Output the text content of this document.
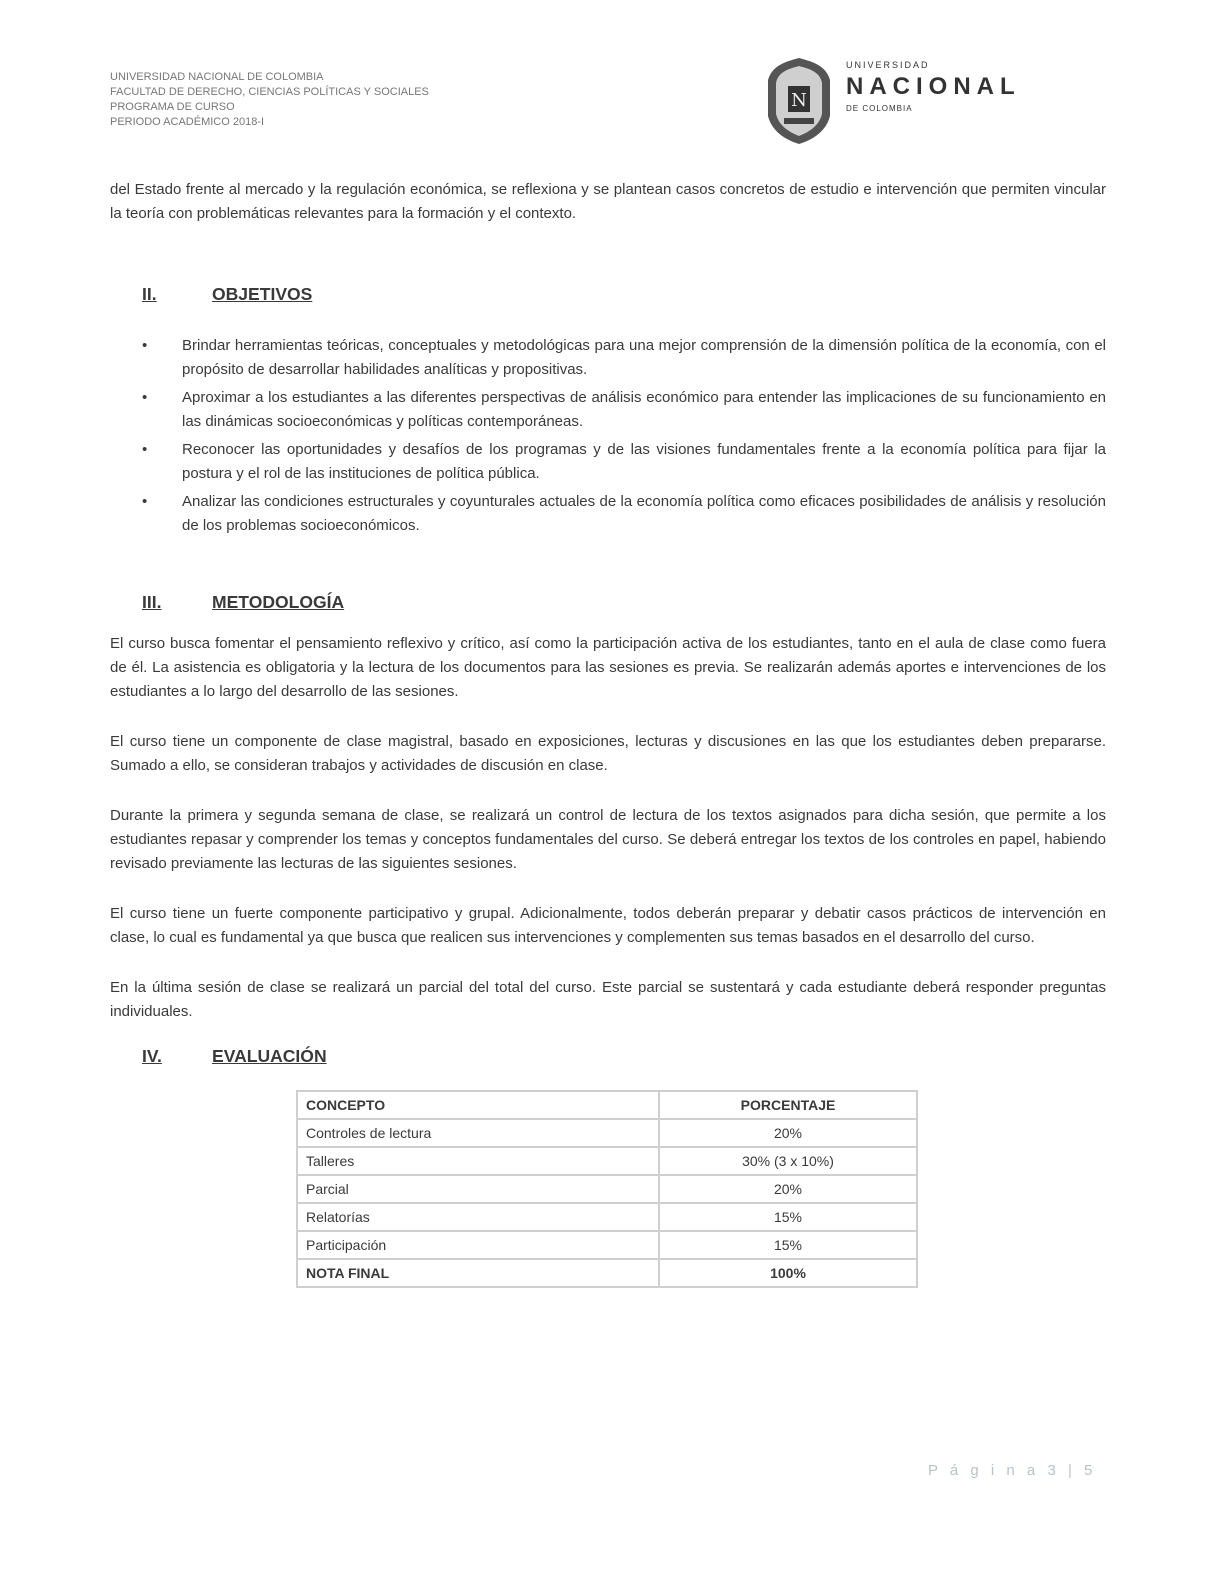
UNIVERSIDAD NACIONAL DE COLOMBIA
FACULTAD DE DERECHO, CIENCIAS POLÍTICAS Y SOCIALES
PROGRAMA DE CURSO
PERIODO ACADÉMICO 2018-I
N
UNIVERSIDAD
NACIONAL
DE COLOMBIA

del Estado frente al mercado y la regulación económica, se reflexiona y se plantean casos concretos de estudio e intervención que permiten vincular la teoría con problemáticas relevantes para la formación y el contexto.

II.	OBJETIVOS
• Brindar herramientas teóricas, conceptuales y metodológicas para una mejor comprensión de la dimensión política de la economía, con el propósito de desarrollar habilidades analíticas y propositivas.
• Aproximar a los estudiantes a las diferentes perspectivas de análisis económico para entender las implicaciones de su funcionamiento en las dinámicas socioeconómicas y políticas contemporáneas.
• Reconocer las oportunidades y desafíos de los programas y de las visiones fundamentales frente a la economía política para fijar la postura y el rol de las instituciones de política pública.
• Analizar las condiciones estructurales y coyunturales actuales de la economía política como eficaces posibilidades de análisis y resolución de los problemas socioeconómicos.
III.	METODOLOGÍA

El curso busca fomentar el pensamiento reflexivo y crítico, así como la participación activa de los estudiantes, tanto en el aula de clase como fuera de él. La asistencia es obligatoria y la lectura de los documentos para las sesiones es previa. Se realizarán además aportes e intervenciones de los estudiantes a lo largo del desarrollo de las sesiones.

El curso tiene un componente de clase magistral, basado en exposiciones, lecturas y discusiones en las que los estudiantes deben prepararse. Sumado a ello, se consideran trabajos y actividades de discusión en clase.

Durante la primera y segunda semana de clase, se realizará un control de lectura de los textos asignados para dicha sesión, que permite a los estudiantes repasar y comprender los temas y conceptos fundamentales del curso. Se deberá entregar los textos de los controles en papel, habiendo revisado previamente las lecturas de las siguientes sesiones.

El curso tiene un fuerte componente participativo y grupal. Adicionalmente, todos deberán preparar y debatir casos prácticos de intervención en clase, lo cual es fundamental ya que busca que realicen sus intervenciones y complementen sus temas basados en el desarrollo del curso.

En la última sesión de clase se realizará un parcial del total del curso. Este parcial se sustentará y cada estudiante deberá responder preguntas individuales.

IV.	EVALUACIÓN
CONCEPTO	PORCENTAJE
Controles de lectura	20%
Talleres	30% (3 x 10%)
Parcial	20%
Relatorías	15%
Participación	15%
NOTA FINAL	100%
P á g i n a 3 | 5
